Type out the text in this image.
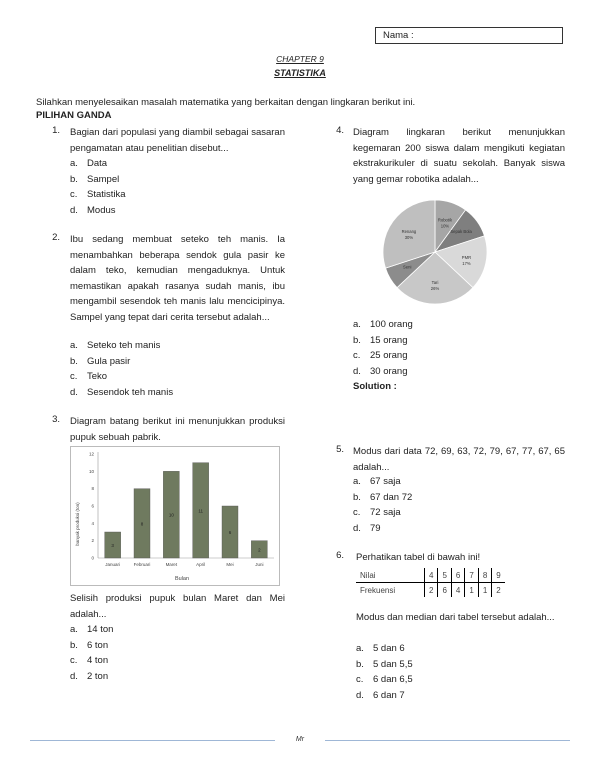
Nama :
CHAPTER 9
STATISTIKA
Silahkan menyelesaikan masalah matematika yang berkaitan dengan lingkaran berikut ini.
PILIHAN GANDA
1. Bagian dari populasi yang diambil sebagai sasaran pengamatan atau penelitian disebut...
a. Data
b. Sampel
c. Statistika
d. Modus
2. Ibu sedang membuat seteko teh manis. Ia menambahkan beberapa sendok gula pasir ke dalam teko, kemudian mengaduknya. Untuk memastikan apakah rasanya sudah manis, ibu mengambil sesendok teh manis lalu mencicipinya. Sampel yang tepat dari cerita tersebut adalah...
a. Seteko teh manis
b. Gula pasir
c. Teko
d. Sesendok teh manis
3. Diagram batang berikut ini menunjukkan produksi pupuk sebuah pabrik.
0
2
4
6
8
10
12
3
Januari
8
Februari
10
Maret
11
April
6
Mei
2
Juni
Bulan
banyak produksi (ton)
Selisih produksi pupuk bulan Maret dan Mei adalah...
a. 14 ton
b. 6 ton
c. 4 ton
d. 2 ton
4. Diagram lingkaran berikut menunjukkan kegemaran 200 siswa dalam mengikuti kegiatan ekstrakurikuler di suatu sekolah. Banyak siswa yang gemar robotika adalah...
Robotik
10%
Sepak Bola
PMR
17%
Tari
26%
Seni
Renang
30%
a. 100 orang
b. 15 orang
c. 25 orang
d. 30 orang
Solution :
5. Modus dari data 72, 69, 63, 72, 79, 67, 77, 67, 65 adalah...
a. 67 saja
b. 67 dan 72
c. 72 saja
d. 79
6. Perhatikan tabel di bawah ini!
Nilai	4	5	6	7	8	9
Frekuensi	2	6	4	1	1	2
Modus dan median dari tabel tersebut adalah...
a. 5 dan 6
b. 5 dan 5,5
c. 6 dan 6,5
d. 6 dan 7
Mr
